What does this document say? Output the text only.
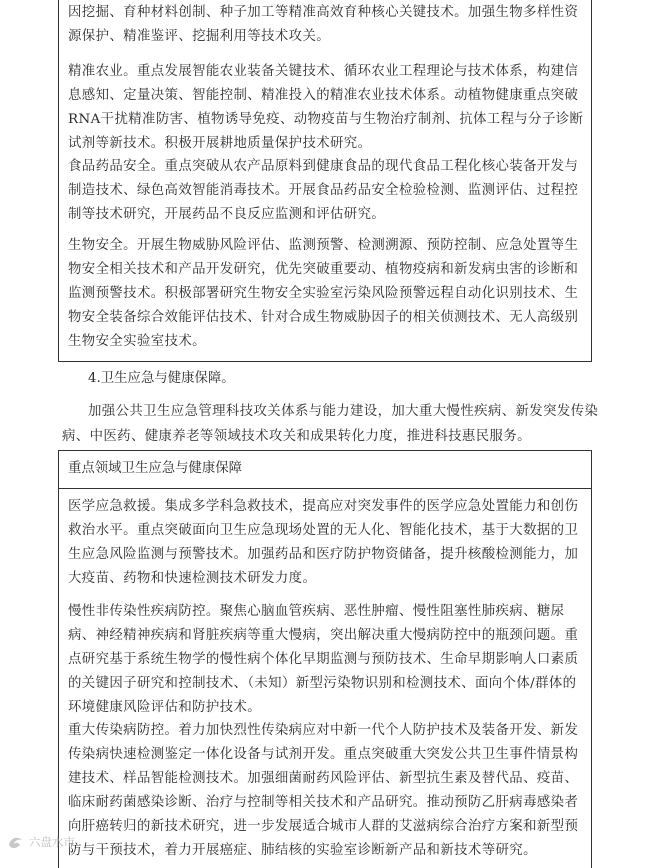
因挖掘、育种材料创制、种子加工等精准高效育种核心关键技术。加强生物多样性资源保护、精准鉴评、挖掘利用等技术攻关。

精准农业。重点发展智能农业装备关键技术、循环农业工程理论与技术体系，构建信息感知、定量决策、智能控制、精准投入的精准农业技术体系。动植物健康重点突破RNA干扰精准防害、植物诱导免疫、动物疫苗与生物治疗制剂、抗体工程与分子诊断试剂等新技术。积极开展耕地质量保护技术研究。

食品药品安全。重点突破从农产品原料到健康食品的现代食品工程化核心装备开发与制造技术、绿色高效智能消毒技术。开展食品药品安全检验检测、监测评估、过程控制等技术研究，开展药品不良反应监测和评估研究。

生物安全。开展生物威胁风险评估、监测预警、检测溯源、预防控制、应急处置等生物安全相关技术和产品开发研究，优先突破重要动、植物疫病和新发病虫害的诊断和监测预警技术。积极部署研究生物安全实验室污染风险预警远程自动化识别技术、生物安全装备综合效能评估技术、针对合成生物威胁因子的相关侦测技术、无人高级别生物安全实验室技术。

4.卫生应急与健康保障。

加强公共卫生应急管理科技攻关体系与能力建设，加大重大慢性疾病、新发突发传染病、中医药、健康养老等领域技术攻关和成果转化力度，推进科技惠民服务。

重点领域卫生应急与健康保障

医学应急救援。集成多学科急救技术，提高应对突发事件的医学应急处置能力和创伤救治水平。重点突破面向卫生应急现场处置的无人化、智能化技术，基于大数据的卫生应急风险监测与预警技术。加强药品和医疗防护物资储备，提升核酸检测能力，加大疫苗、药物和快速检测技术研发力度。

慢性非传染性疾病防控。聚焦心脑血管疾病、恶性肿瘤、慢性阻塞性肺疾病、糖尿病、神经精神疾病和肾脏疾病等重大慢病，突出解决重大慢病防控中的瓶颈问题。重点研究基于系统生物学的慢性病个体化早期监测与预防技术、生命早期影响人口素质的关键因子研究和控制技术、（未知）新型污染物识别和检测技术、面向个体/群体的环境健康风险评估和防护技术。

重大传染病防控。着力加快烈性传染病应对中新一代个人防护技术及装备开发、新发传染病快速检测鉴定一体化设备与试剂开发。重点突破重大突发公共卫生事件情景构建技术、样品智能检测技术。加强细菌耐药风险评估、新型抗生素及替代品、疫苗、临床耐药菌感染诊断、治疗与控制等相关技术和产品研究。推动预防乙肝病毒感染者向肝癌转归的新技术研究，进一步发展适合城市人群的艾滋病综合治疗方案和新型预防与干预技术，着力开展癌症、肺结核的实验室诊断新产品和新技术等研究。

六盘水市
